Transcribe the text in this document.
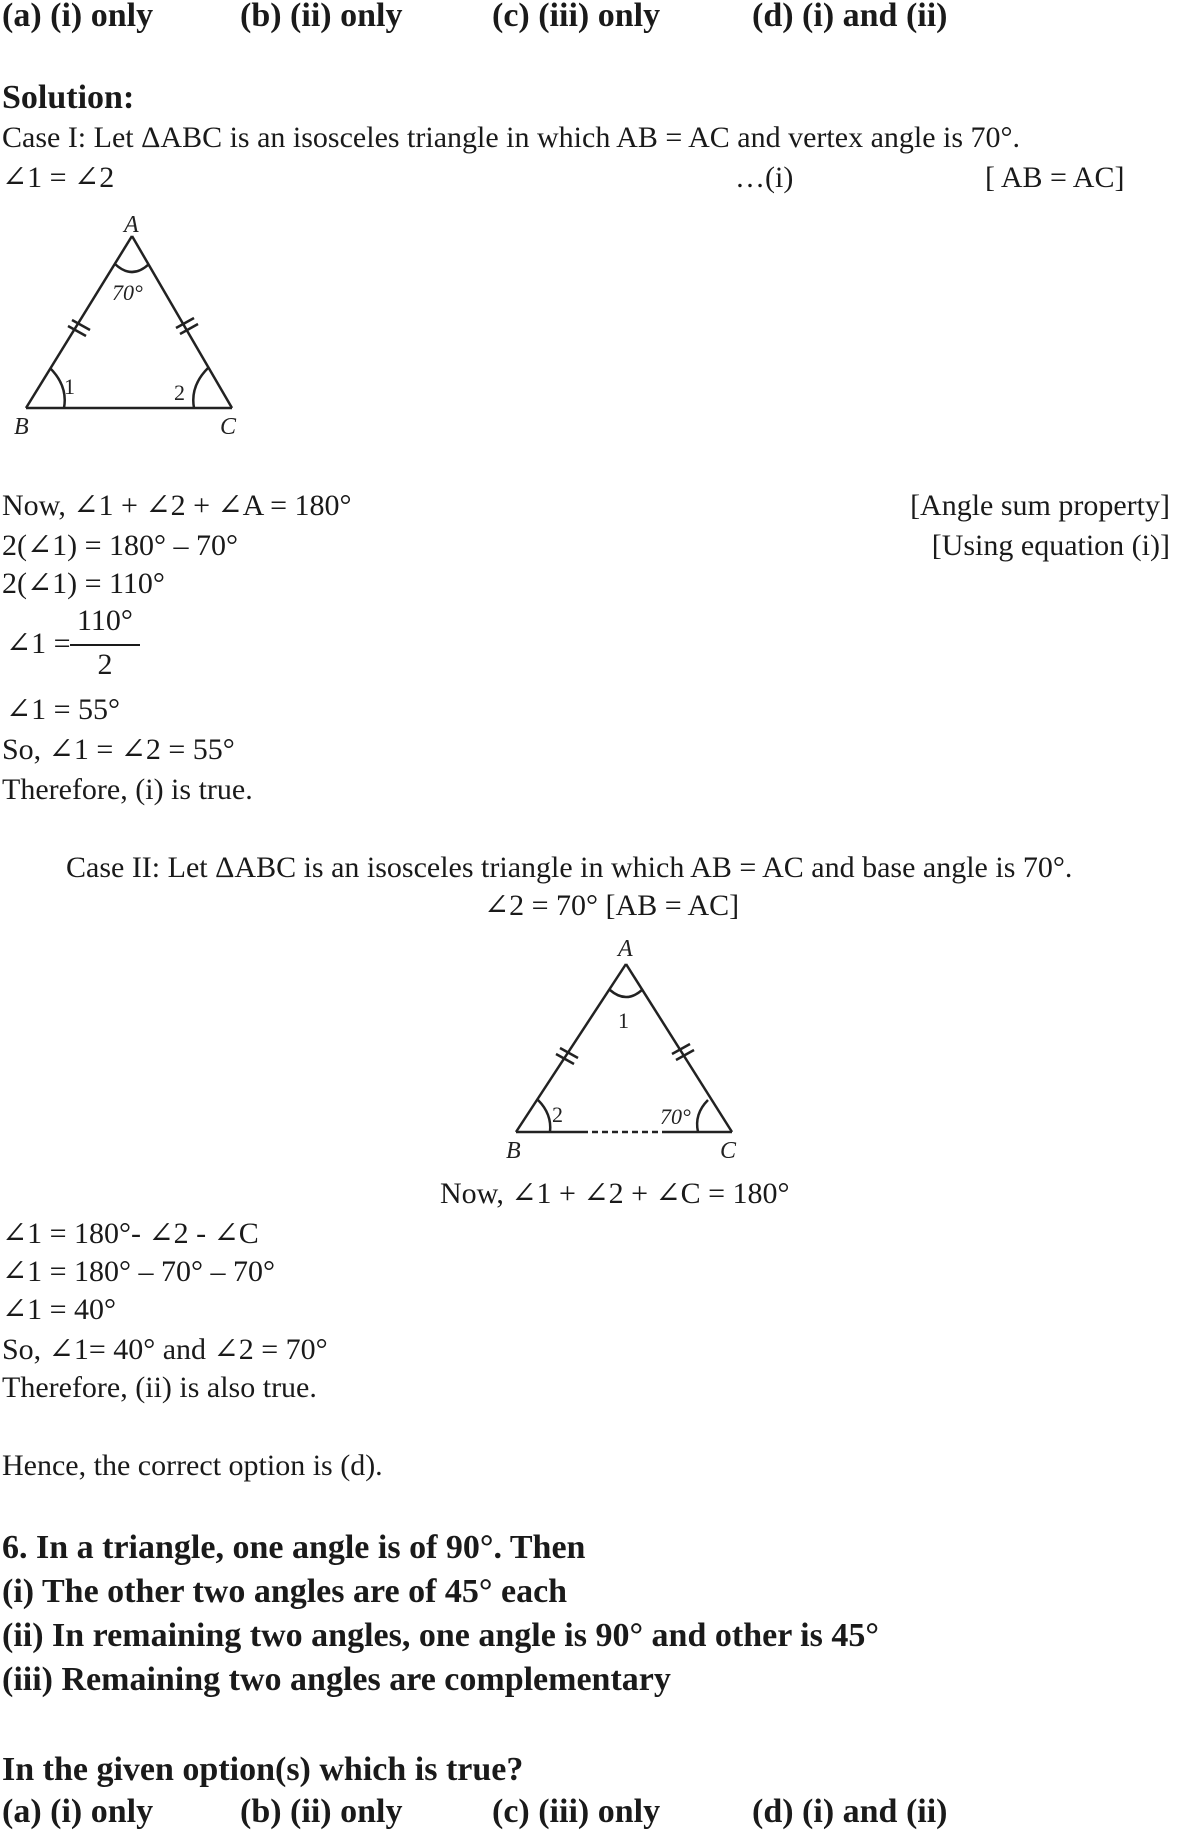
(a) (i) only	(b) (ii) only	(c) (iii) only	(d) (i) and (ii)
Solution:
Case I: Let ΔABC is an isosceles triangle in which AB = AC and vertex angle is 70°.
∠1 = ∠2	…(i)	[ AB = AC]
A
B	C
70°
1	2
Now, ∠1 + ∠2 + ∠A = 180°	[Angle sum property]
2(∠1) = 180° – 70°	[Using equation (i)]
2(∠1) = 110°
∠1 =
110°
2
∠1 = 55°
So, ∠1 = ∠2 = 55°
Therefore, (i) is true.
Case II: Let ΔABC is an isosceles triangle in which AB = AC and base angle is 70°.
∠2 = 70° [AB = AC]
A
B	C
1
2	70°
Now, ∠1 + ∠2 + ∠C = 180°
∠1 = 180°- ∠2 - ∠C
∠1 = 180° – 70° – 70°
∠1 = 40°
So, ∠1= 40° and ∠2 = 70°
Therefore, (ii) is also true.
Hence, the correct option is (d).
6. In a triangle, one angle is of 90°. Then
(i) The other two angles are of 45° each
(ii) In remaining two angles, one angle is 90° and other is 45°
(iii) Remaining two angles are complementary
In the given option(s) which is true?
(a) (i) only	(b) (ii) only	(c) (iii) only	(d) (i) and (ii)
